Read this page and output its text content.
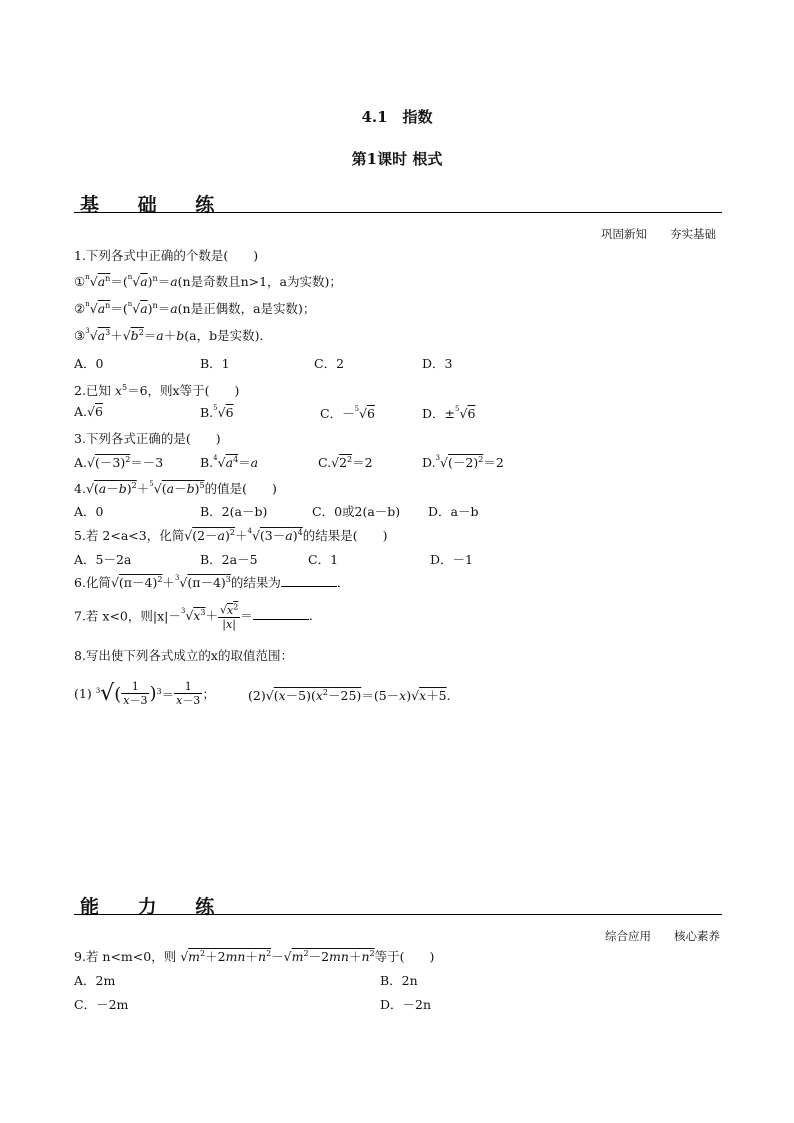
4.1　指数
第1课时 根式
基 础 练
巩固新知　　夯实基础
1.下列各式中正确的个数是(　　)
$①^n√a^n=(^n√a)^n=a(n$是奇数且n>1，a为实数)；
$②^n√a^n=(^n√a)^n=a(n$是正偶数，a是实数)；
$③^3√a^3+√b^2=a+b(a$，b是实数)．
A．0	B．1	C．2	D．3
2.已知 $x^5=6$，则x等于(　　)
A.√6	B.$^5$√6	C．－$^5$√6	D．±$^5$√6
3.下列各式正确的是(　　)
$A.√(-3)^2=-3$	$B.^4√a^4=a$	$C.√2^2=2$	$D.^3√(-2)^2=2$
$4.√(a-b)^2+^5√(a-b)^5$的值是(　　)
A．0	B．2(a－b)	C．0或2(a－b) D．a－b
5.若 2<a<3，化简$√(2-a)^2+^4√(3-a)^4$的结果是(　　)
A．5－2a	B．2a－5	C．1	D．－1
6.化简$√(\pi-4)^2+^3√(\pi-4)^3$的结果为	．
7.若 x<0，则$|x|-^3√x^3+ \frac{√x^2}{|x|}$ ＝	.
8.写出使下列各式成立的x的取值范围：
(1) $^3√( \frac{1}{x-3} )^3= \frac{1}{x-3}$ ；	$(2)√(x-5)(x^2-25)=(5-x)√x+5$.
能 力 练
综合应用　　核心素养
9.若 n<m<0，则 $√m^2+2mn+n^2-√m^2-2mn+n^2$等于(　　)
A．2m	B．2n
C．－2m	D．－2n
